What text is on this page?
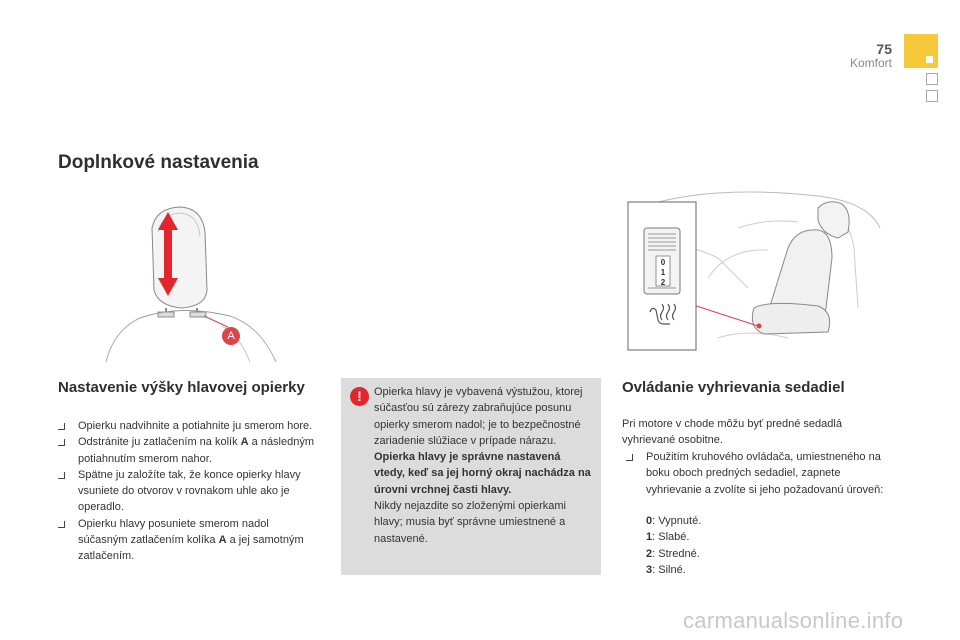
75
Komfort
Doplnkové nastavenia
A
Nastavenie výšky hlavovej opierky
Opierku nadvihnite a potiahnite ju smerom hore.
Odstránite ju zatlačením na kolík A a následným potiahnutím smerom nahor.
Spätne ju založíte tak, že konce opierky hlavy vsuniete do otvorov v rovnakom uhle ako je operadlo.
Opierku hlavy posuniete smerom nadol súčasným zatlačením kolíka A a jej samotným zatlačením.
!	Opierka hlavy je vybavená výstužou, ktorej súčasťou sú zárezy zabraňujúce posunu opierky smerom nadol; je to bezpečnostné zariadenie slúžiace v prípade nárazu.

Opierka hlavy je správne nastavená vtedy, keď sa jej horný okraj nachádza na úrovni vrchnej časti hlavy.

Nikdy nejazdite so zloženými opierkami hlavy; musia byť správne umiestnené a nastavené.

0
1
2
Ovládanie vyhrievania sedadiel

Pri motore v chode môžu byť predné sedadlá vyhrievané osobitne.

Použitím kruhového ovládača, umiestneného na boku oboch predných sedadiel, zapnete vyhrievanie a zvolíte si jeho požadovanú úroveň:
0: Vypnuté.
1: Slabé.
2: Stredné.
3: Silné.
carmanualsonline.info
